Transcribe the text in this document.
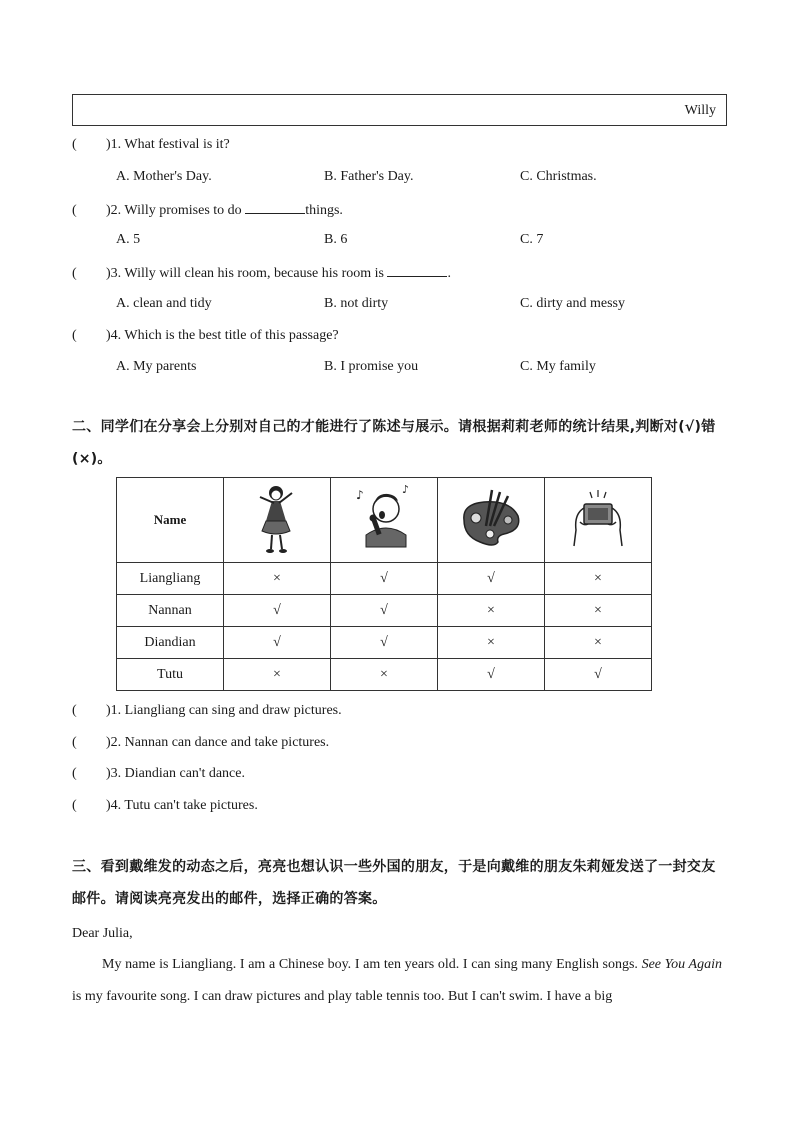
Willy
( )1. What festival is it?
A. Mother's Day.	B. Father's Day.	C. Christmas.
( )2. Willy promises to do	things.
A. 5	B. 6	C. 7
( )3. Willy will clean his room, because his room is	.
A. clean and tidy	B. not dirty	C. dirty and messy
( )4. Which is the best title of this passage?
A. My parents	B. I promise you	C. My family
二、同学们在分享会上分别对自己的才能进行了陈述与展示。请根据莉莉老师的统计结果,判断对(√)错(×)。
Name		♪ ♪

Liangliang	×	√	√	×
Nannan	√	√	×	×
Diandian	√	√	×	×
Tutu	×	×	√	√
( )1. Liangliang can sing and draw pictures.
( )2. Nannan can dance and take pictures.
( )3. Diandian can't dance.
( )4. Tutu can't take pictures.
三、看到戴维发的动态之后，亮亮也想认识一些外国的朋友，于是向戴维的朋友朱莉娅发送了一封交友邮件。请阅读亮亮发出的邮件，选择正确的答案。
Dear Julia,
My name is Liangliang. I am a Chinese boy. I am ten years old. I can sing many English songs. See You Again is my favourite song. I can draw pictures and play table tennis too. But I can't swim. I have a big
